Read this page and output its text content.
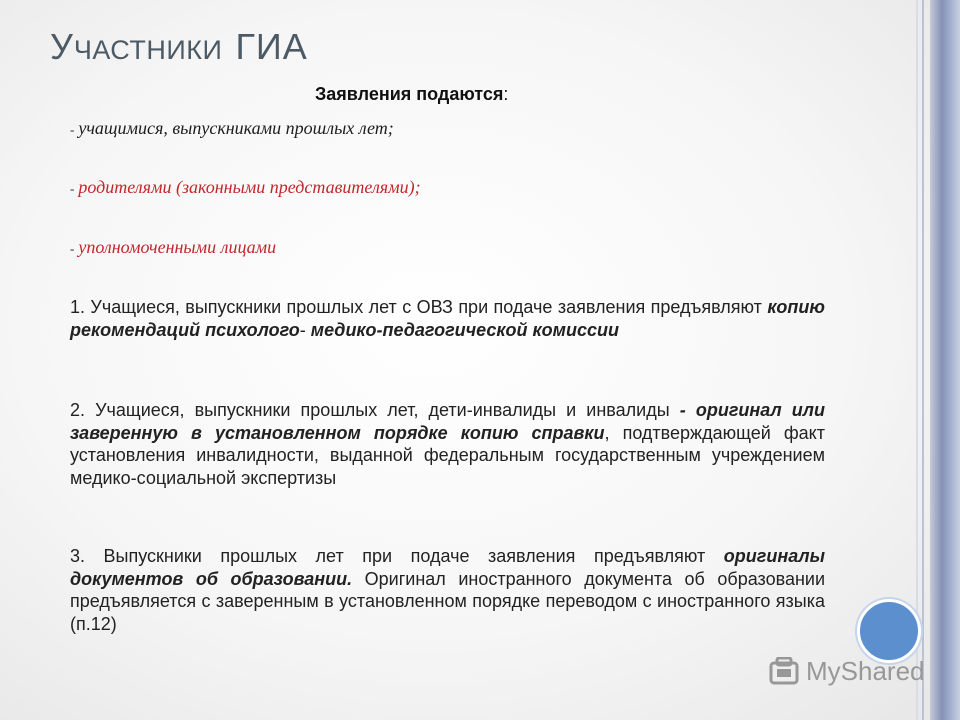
УЧАСТНИКИ ГИА
Заявления подаются:
- учащимися, выпускниками прошлых лет;
- родителями (законными представителями);
- уполномоченными лицами
1. Учащиеся, выпускники прошлых лет с ОВЗ при подаче заявления предъявляют копию рекомендаций психолого- медико-педагогической комиссии
2. Учащиеся, выпускники прошлых лет, дети-инвалиды и инвалиды - оригинал или заверенную в установленном порядке копию справки, подтверждающей факт установления инвалидности, выданной федеральным государственным учреждением медико-социальной экспертизы
3. Выпускники прошлых лет при подаче заявления предъявляют оригиналы документов об образовании. Оригинал иностранного документа об образовании предъявляется с заверенным в установленном порядке переводом с иностранного языка (п.12)
MyShared
